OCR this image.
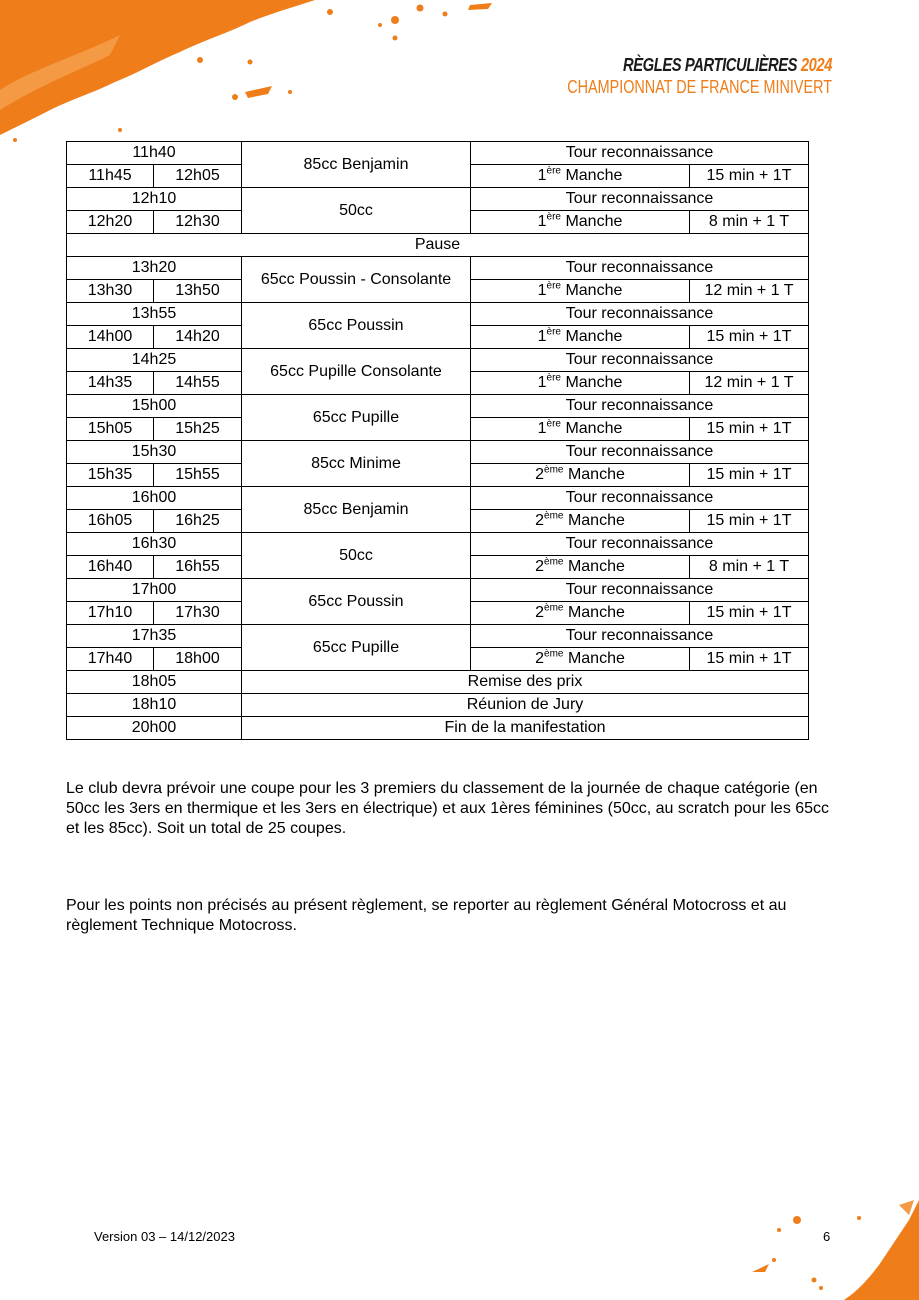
RÈGLES PARTICULIÈRES 2024
CHAMPIONNAT DE FRANCE MINIVERT
11h40		85cc Benjamin	Tour reconnaissance	
11h45	12h05		1ère Manche	15 min + 1T
12h10		50cc	Tour reconnaissance	
12h20	12h30		1ère Manche	8 min + 1 T
Pause				
13h20		65cc Poussin - Consolante	Tour reconnaissance	
13h30	13h50		1ère Manche	12 min + 1 T
13h55		65cc Poussin	Tour reconnaissance	
14h00	14h20		1ère Manche	15 min + 1T
14h25		65cc Pupille Consolante	Tour reconnaissance	
14h35	14h55		1ère Manche	12 min + 1 T
15h00		65cc Pupille	Tour reconnaissance	
15h05	15h25		1ère Manche	15 min + 1T
15h30		85cc Minime	Tour reconnaissance	
15h35	15h55		2ème Manche	15 min + 1T
16h00		85cc Benjamin	Tour reconnaissance	
16h05	16h25		2ème Manche	15 min + 1T
16h30		50cc	Tour reconnaissance	
16h40	16h55		2ème Manche	8 min + 1 T
17h00		65cc Poussin	Tour reconnaissance	
17h10	17h30		2ème Manche	15 min + 1T
17h35		65cc Pupille	Tour reconnaissance	
17h40	18h00		2ème Manche	15 min + 1T
18h05		Remise des prix		
18h10		Réunion de Jury		
20h00		Fin de la manifestation		

Le club devra prévoir une coupe pour les 3 premiers du classement de la journée de chaque catégorie (en 50cc les 3ers en thermique et les 3ers en électrique) et aux 1ères féminines (50cc, au scratch pour les 65cc et les 85cc). Soit un total de 25 coupes.

Pour les points non précisés au présent règlement, se reporter au règlement Général Motocross et au règlement Technique Motocross.

Version 03 – 14/12/2023	6
